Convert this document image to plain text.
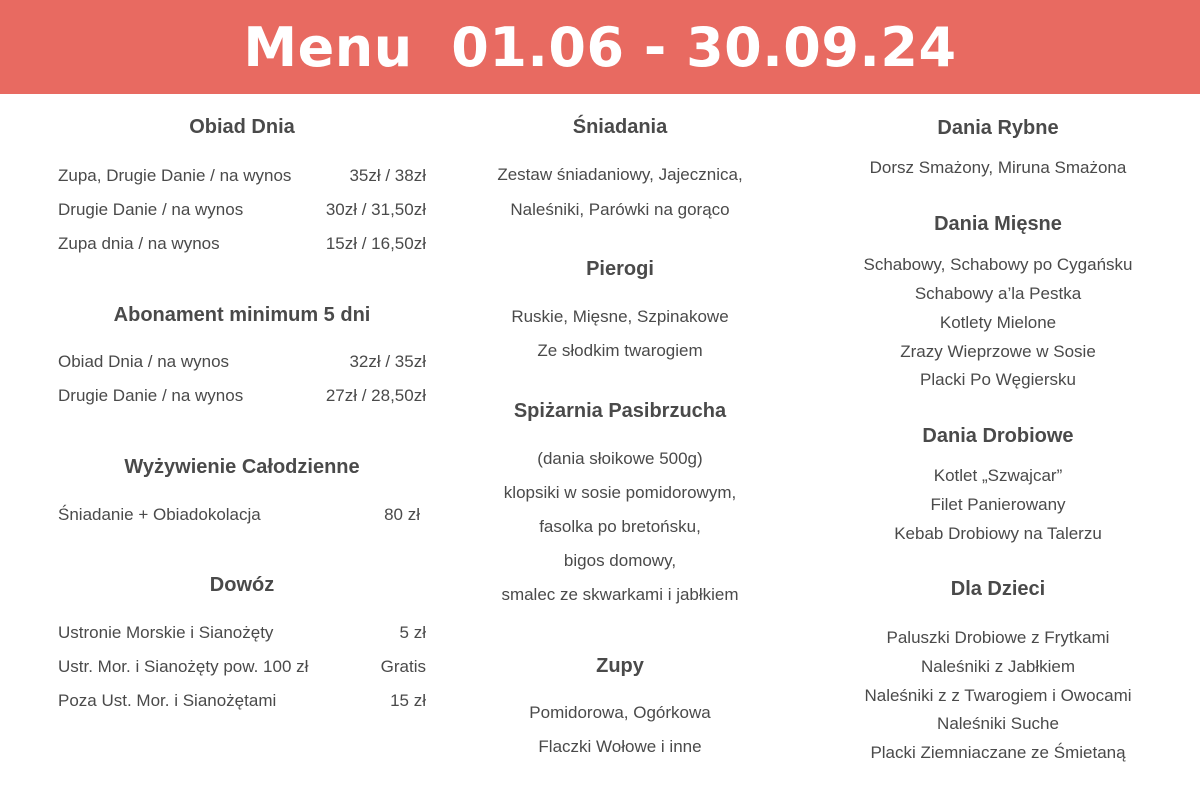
Menu  01.06 - 30.09.24
Obiad Dnia
Zupa, Drugie Danie / na wynos	35zł / 38zł
Drugie Danie / na wynos	30zł / 31,50zł
Zupa dnia / na wynos	15zł / 16,50zł
Abonament minimum 5 dni
Obiad Dnia / na wynos	32zł / 35zł
Drugie Danie / na wynos	27zł / 28,50zł
Wyżywienie Całodzienne
Śniadanie + Obiadokolacja	80 zł
Dowóz
Ustronie Morskie i Sianożęty	5 zł
Ustr. Mor. i Sianożęty pow. 100 zł	Gratis
Poza Ust. Mor. i Sianożętami	15 zł
Śniadania
Zestaw śniadaniowy, Jajecznica,
Naleśniki, Parówki na gorąco
Pierogi
Ruskie, Mięsne, Szpinakowe
Ze słodkim twarogiem
Spiżarnia Pasibrzucha
(dania słoikowe 500g)
klopsiki w sosie pomidorowym,
fasolka po bretońsku,
bigos domowy,
smalec ze skwarkami i jabłkiem
Zupy
Pomidorowa, Ogórkowa
Flaczki Wołowe i inne
Dania Rybne
Dorsz Smażony, Miruna Smażona
Dania Mięsne
Schabowy, Schabowy po Cygańsku
Schabowy a’la Pestka
Kotlety Mielone
Zrazy Wieprzowe w Sosie
Placki Po Węgiersku
Dania Drobiowe
Kotlet „Szwajcar”
Filet Panierowany
Kebab Drobiowy na Talerzu
Dla Dzieci
Paluszki Drobiowe z Frytkami
Naleśniki z Jabłkiem
Naleśniki z z Twarogiem i Owocami
Naleśniki Suche
Placki Ziemniaczane ze Śmietaną
